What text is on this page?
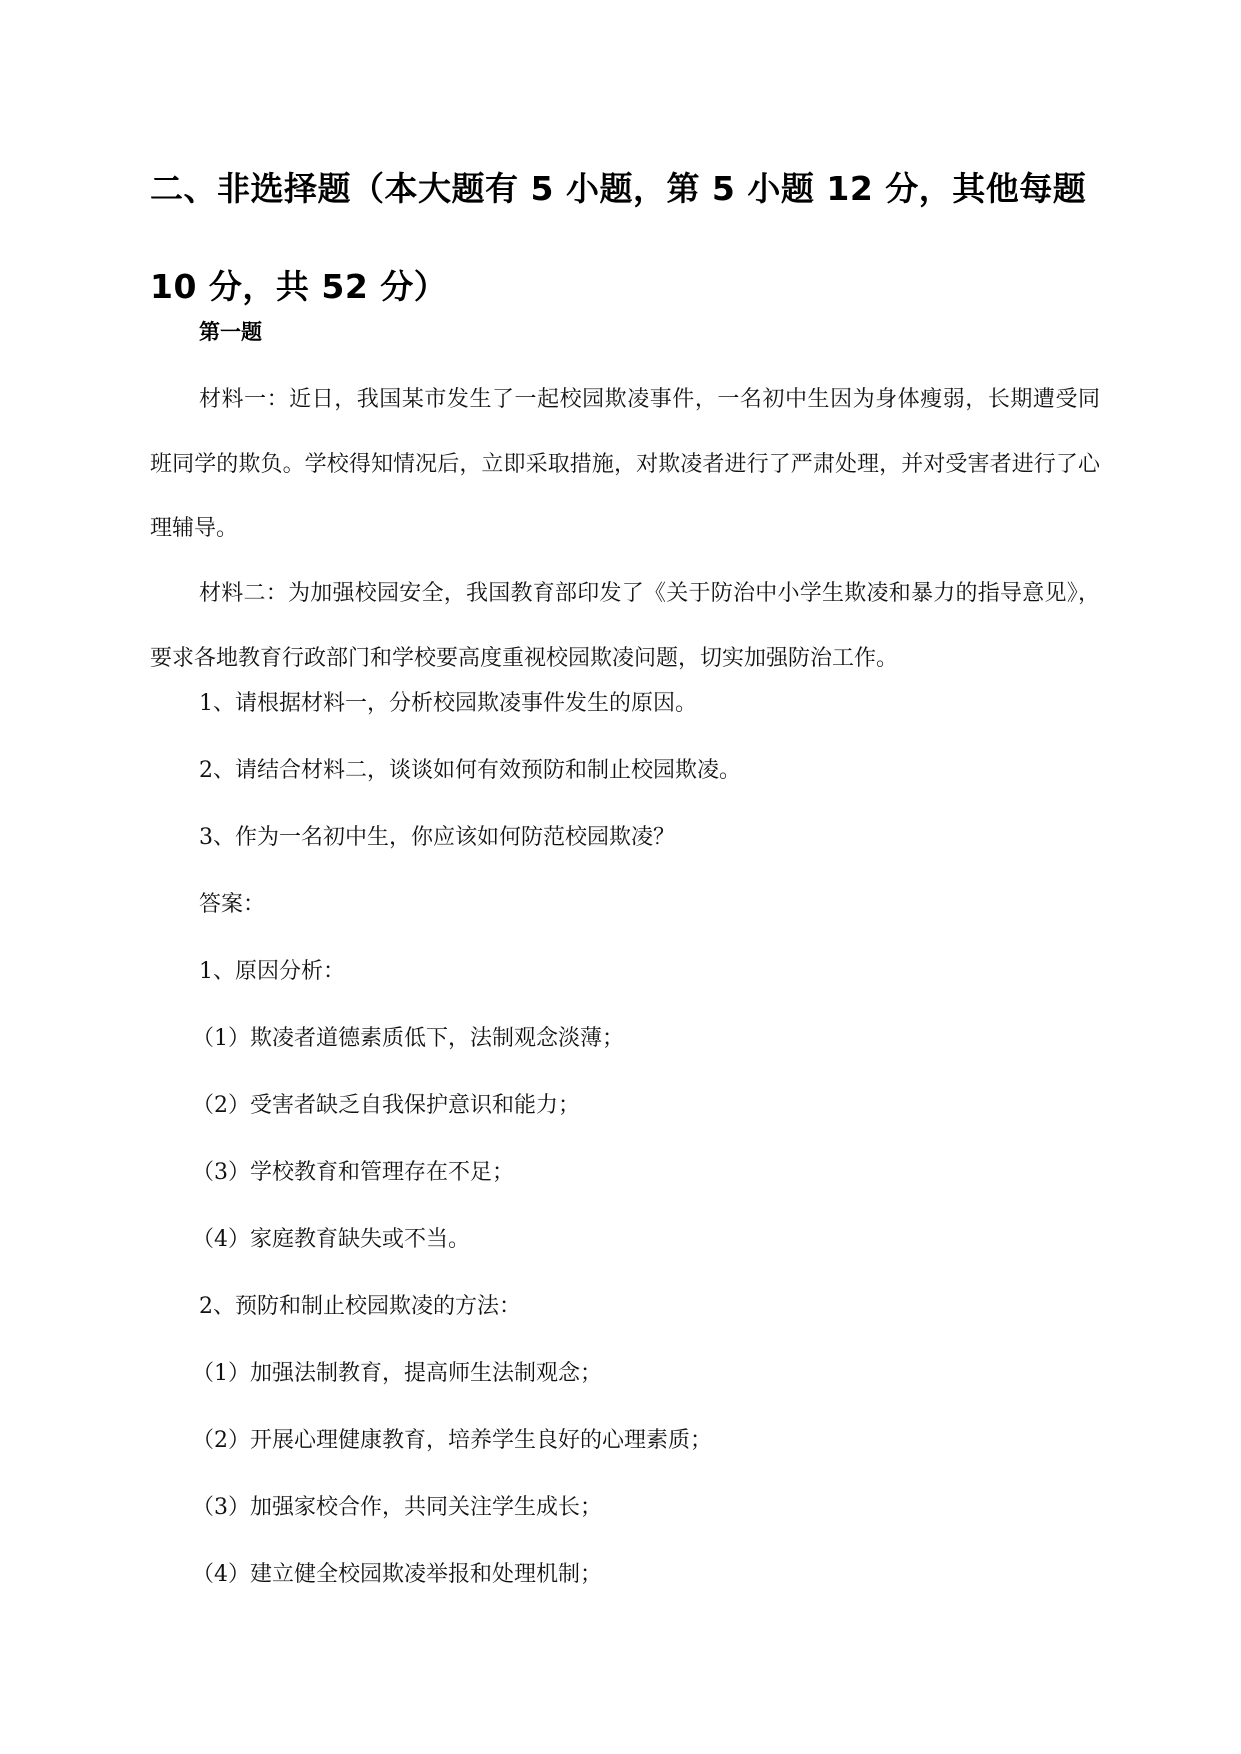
二、非选择题（本大题有 5 小题，第 5 小题 12 分，其他每题 10 分，共 52 分）
第一题

材料一：近日，我国某市发生了一起校园欺凌事件，一名初中生因为身体瘦弱，长期遭受同班同学的欺负。学校得知情况后，立即采取措施，对欺凌者进行了严肃处理，并对受害者进行了心理辅导。

材料二：为加强校园安全，我国教育部印发了《关于防治中小学生欺凌和暴力的指导意见》，要求各地教育行政部门和学校要高度重视校园欺凌问题，切实加强防治工作。

1、请根据材料一，分析校园欺凌事件发生的原因。

2、请结合材料二，谈谈如何有效预防和制止校园欺凌。

3、作为一名初中生，你应该如何防范校园欺凌？

答案：

1、原因分析：

（1）欺凌者道德素质低下，法制观念淡薄；

（2）受害者缺乏自我保护意识和能力；

（3）学校教育和管理存在不足；

（4）家庭教育缺失或不当。

2、预防和制止校园欺凌的方法：

（1）加强法制教育，提高师生法制观念；

（2）开展心理健康教育，培养学生良好的心理素质；

（3）加强家校合作，共同关注学生成长；

（4）建立健全校园欺凌举报和处理机制；
